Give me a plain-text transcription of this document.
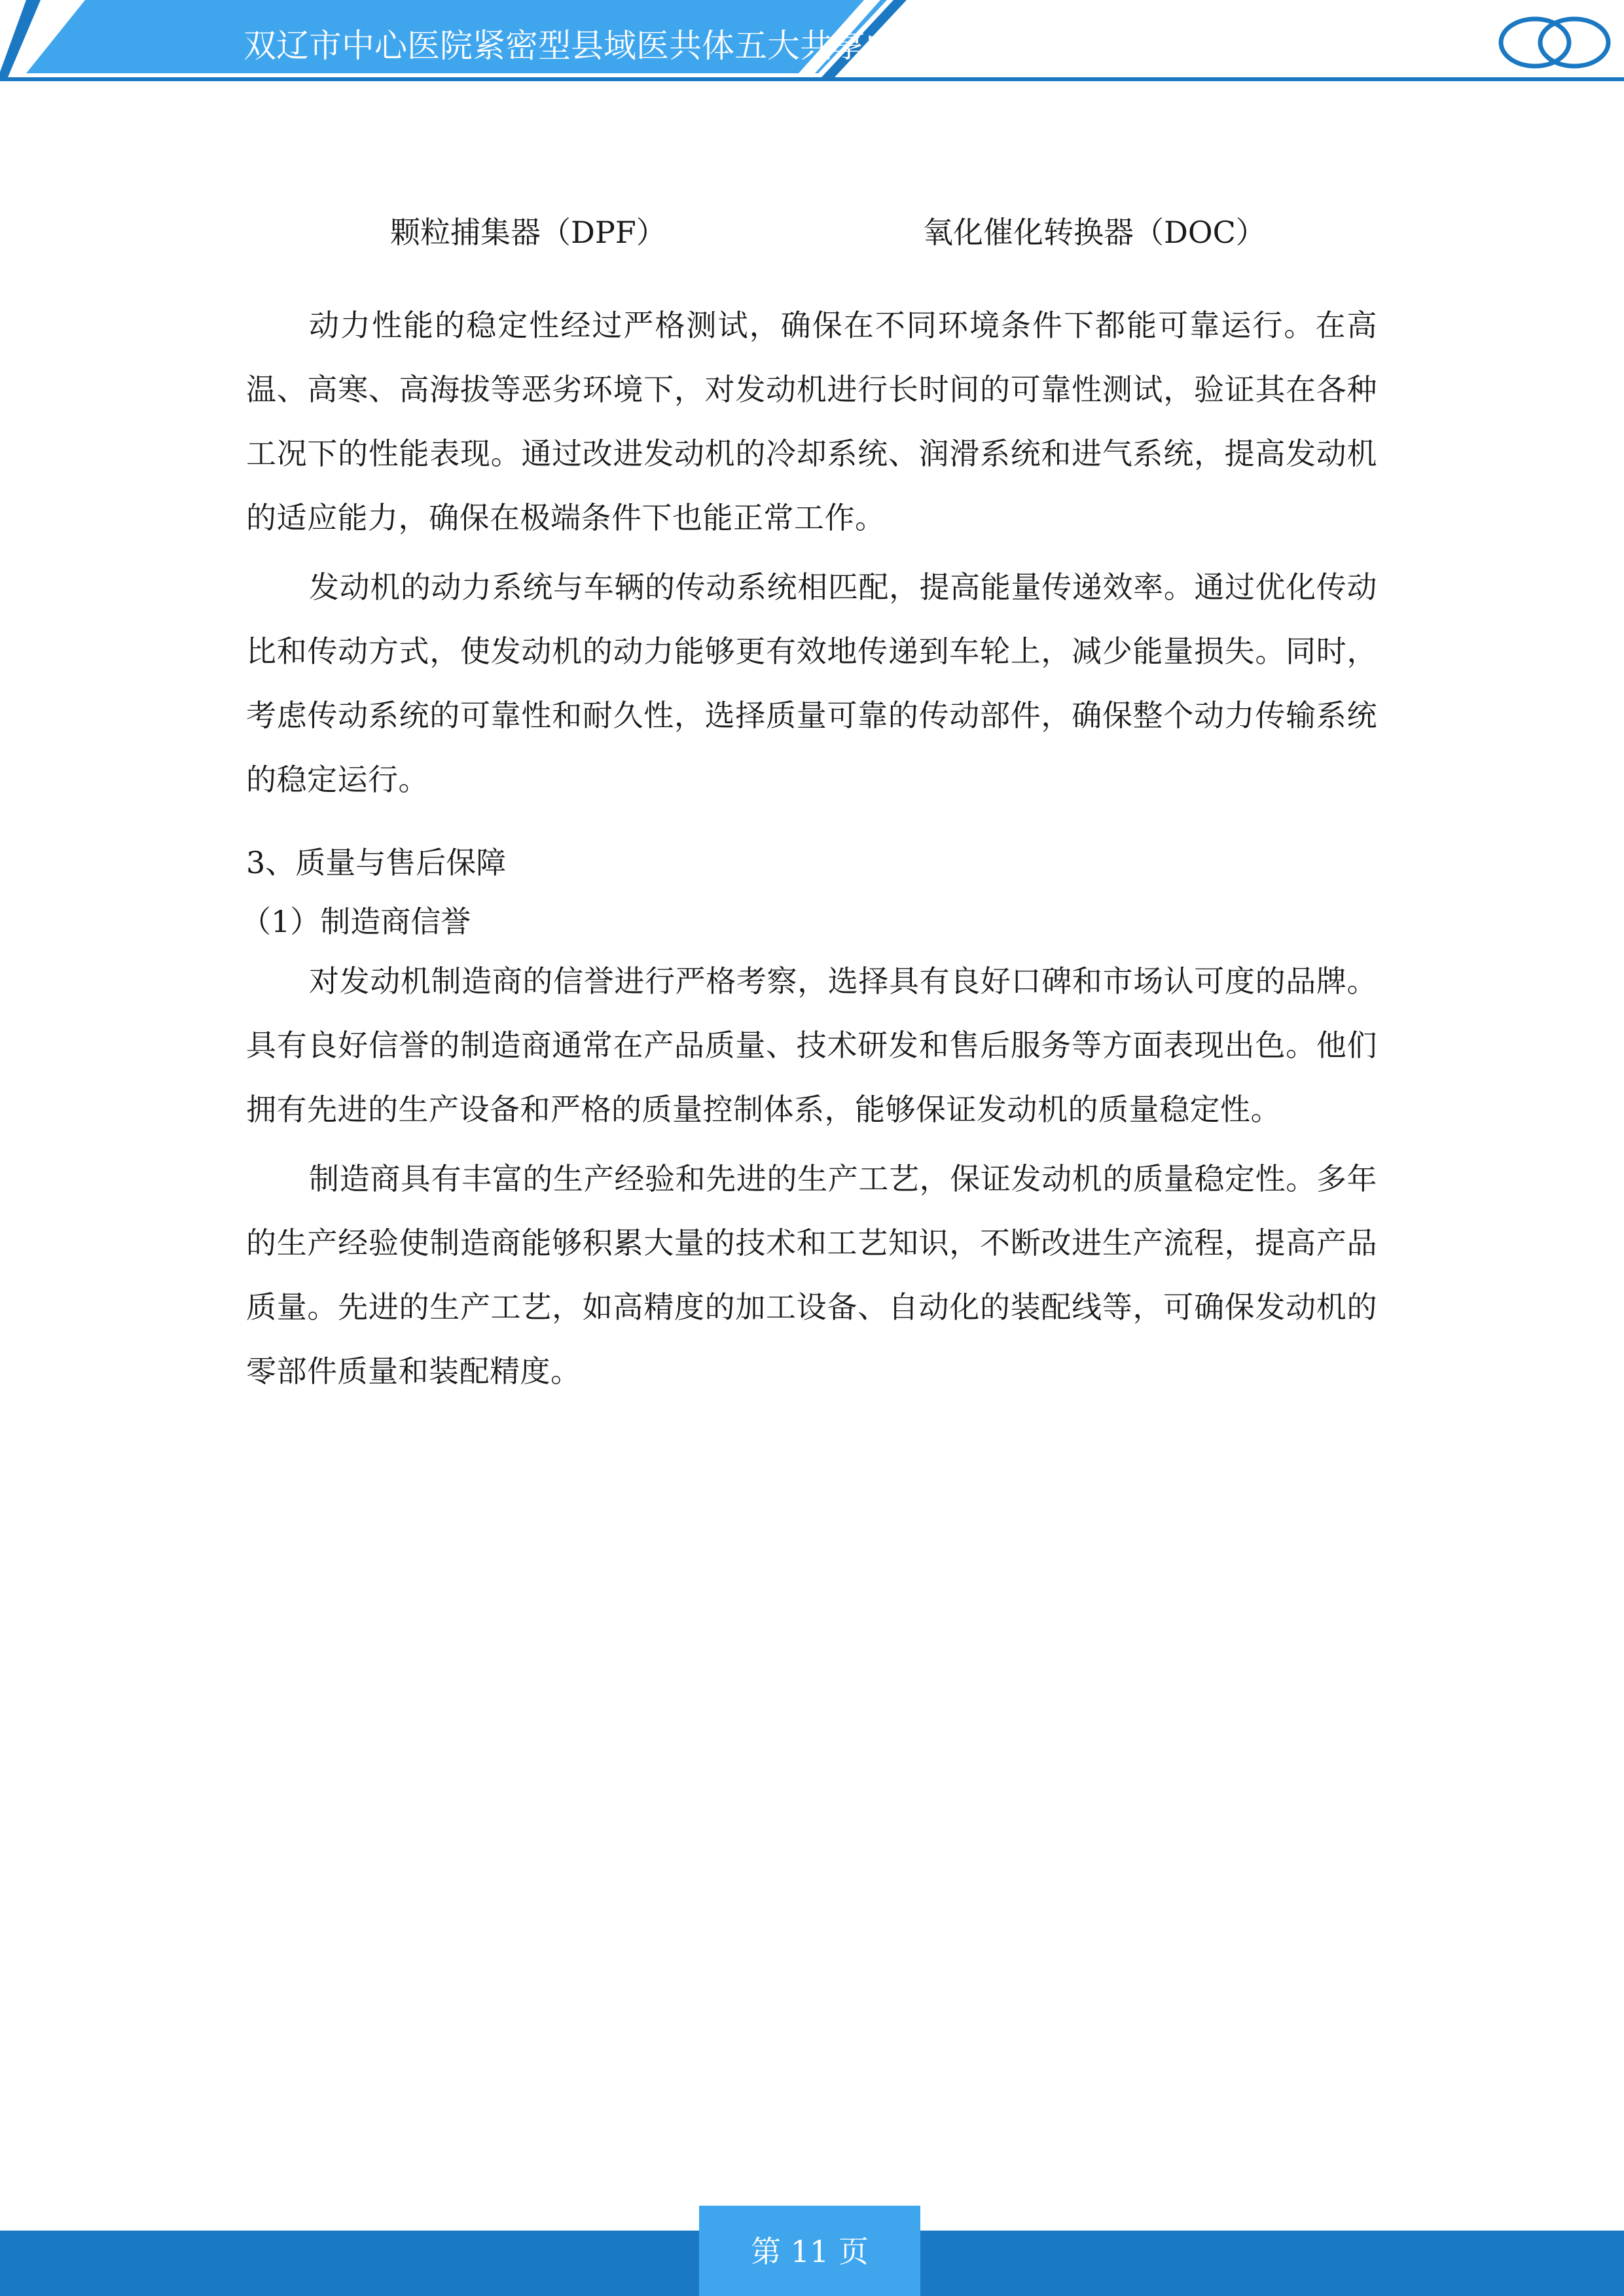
双辽市中心医院紧密型县域医共体五大共享中心建设项目可行性研究报告
颗粒捕集器（DPF）	氧化催化转换器（DOC）

动力性能的稳定性经过严格测试，确保在不同环境条件下都能可靠运行。在高温、高寒、高海拔等恶劣环境下，对发动机进行长时间的可靠性测试，验证其在各种工况下的性能表现。通过改进发动机的冷却系统、润滑系统和进气系统，提高发动机的适应能力，确保在极端条件下也能正常工作。

发动机的动力系统与车辆的传动系统相匹配，提高能量传递效率。通过优化传动比和传动方式，使发动机的动力能够更有效地传递到车轮上，减少能量损失。同时，考虑传动系统的可靠性和耐久性，选择质量可靠的传动部件，确保整个动力传输系统的稳定运行。

3、质量与售后保障
（1）制造商信誉

对发动机制造商的信誉进行严格考察，选择具有良好口碑和市场认可度的品牌。具有良好信誉的制造商通常在产品质量、技术研发和售后服务等方面表现出色。他们拥有先进的生产设备和严格的质量控制体系，能够保证发动机的质量稳定性。

制造商具有丰富的生产经验和先进的生产工艺，保证发动机的质量稳定性。多年的生产经验使制造商能够积累大量的技术和工艺知识，不断改进生产流程，提高产品质量。先进的生产工艺，如高精度的加工设备、自动化的装配线等，可确保发动机的零部件质量和装配精度。

第 11 页
